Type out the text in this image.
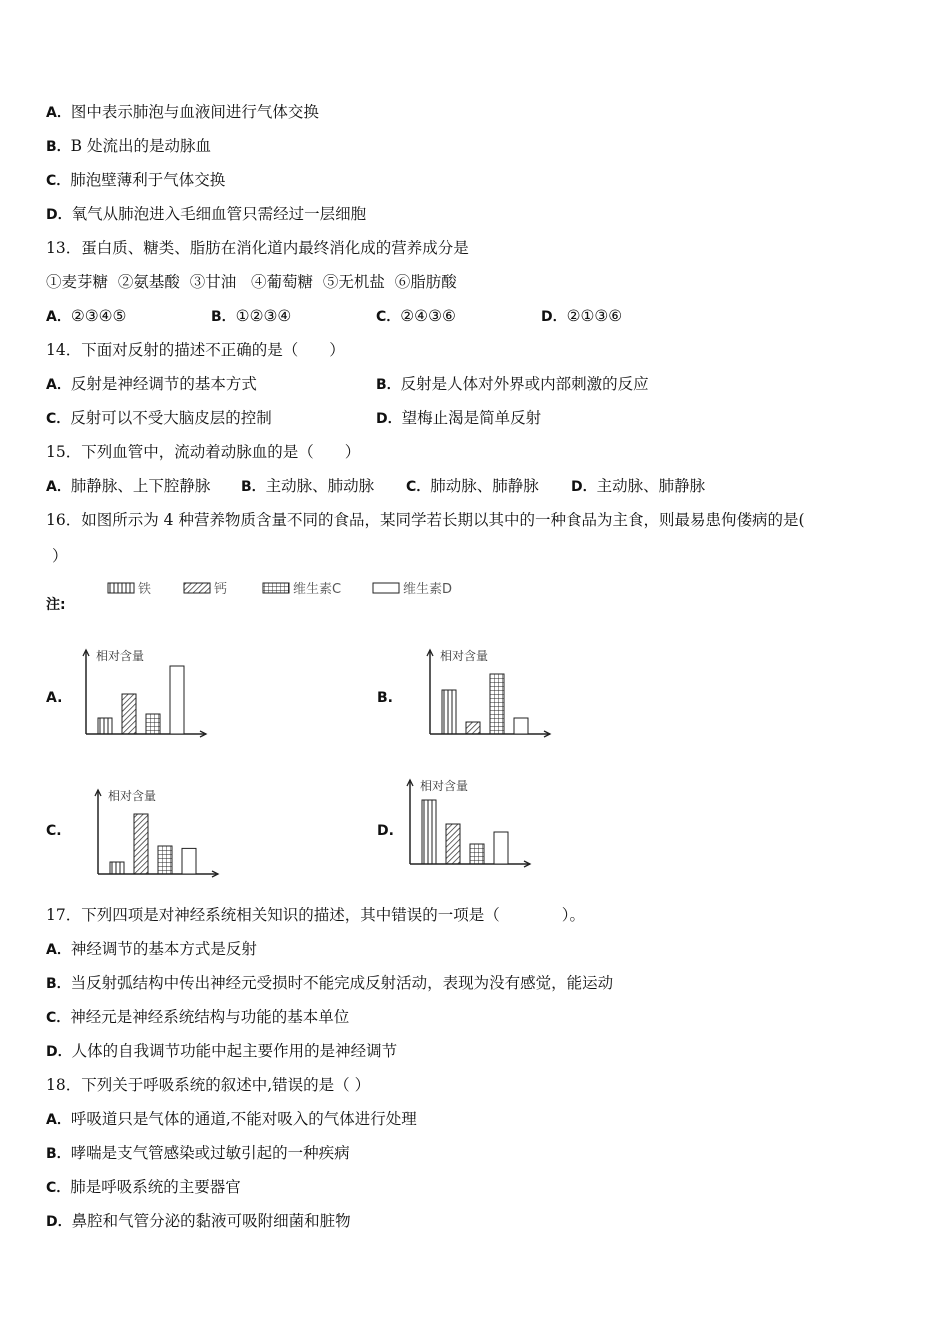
A．图中表示肺泡与血液间进行气体交换
B．B 处流出的是动脉血
C．肺泡壁薄利于气体交换
D．氧气从肺泡进入毛细血管只需经过一层细胞
13．蛋白质、糖类、脂肪在消化道内最终消化成的营养成分是
①麦芽糖  ②氨基酸  ③甘油   ④葡萄糖  ⑤无机盐  ⑥脂肪酸
A．②③④⑤	B．①②③④	C．②④③⑥	D．②①③⑥
14．下面对反射的描述不正确的是（　　）
A．反射是神经调节的基本方式	B．反射是人体对外界或内部刺激的反应
C．反射可以不受大脑皮层的控制	D．望梅止渴是简单反射
15．下列血管中，流动着动脉血的是（　　）
A．肺静脉、上下腔静脉 B．主动脉、肺动脉 C．肺动脉、肺静脉 D．主动脉、肺静脉
16．如图所示为 4 种营养物质含量不同的食品，某同学若长期以其中的一种食品为主食，则最易患佝偻病的是(
）
注:
铁	钙	维生素C	维生素D
A.	B.
C.	D.
相对含量	相对含量
相对含量
相对含量
17．下列四项是对神经系统相关知识的描述，其中错误的一项是（　　　　）。
A．神经调节的基本方式是反射
B．当反射弧结构中传出神经元受损时不能完成反射活动，表现为没有感觉，能运动
C．神经元是神经系统结构与功能的基本单位
D．人体的自我调节功能中起主要作用的是神经调节
18．下列关于呼吸系统的叙述中,错误的是（ ）
A．呼吸道只是气体的通道,不能对吸入的气体进行处理
B．哮喘是支气管感染或过敏引起的一种疾病
C．肺是呼吸系统的主要器官
D．鼻腔和气管分泌的黏液可吸附细菌和脏物
